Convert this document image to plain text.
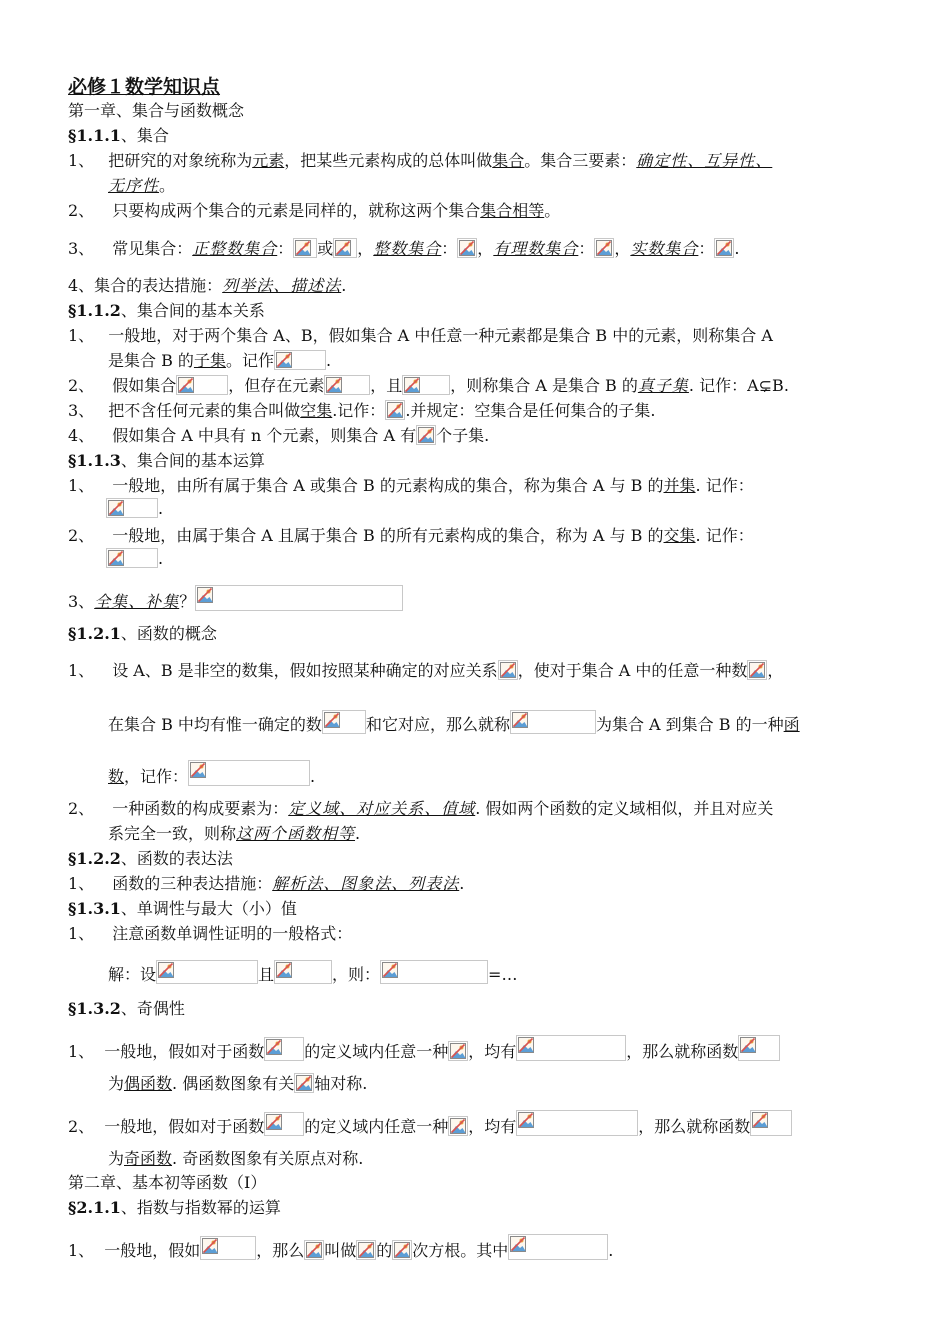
必修１数学知识点
第一章、集合与函数概念
§1.1.1、集合
1、 把研究的对象统称为元素，把某些元素构成的总体叫做集合。集合三要素：确定性、互异性、
无序性。
2、 只要构成两个集合的元素是同样的，就称这两个集合集合相等。
3、 常见集合：正整数集合： 或 ，整数集合： ，有理数集合： ，实数集合： .
4、集合的表达措施：列举法、描述法.
§1.1.2、集合间的基本关系
1、 一般地，对于两个集合 A、B，假如集合 A 中任意一种元素都是集合 B 中的元素，则称集合 A
是集合 B 的子集。记作	.
2、 假如集合	，但存在元素	，且	，则称集合 A 是集合 B 的真子集. 记作：A⊊B.
3、 把不含任何元素的集合叫做空集.记作： .并规定：空集合是任何集合的子集.
4、 假如集合 A 中具有 n 个元素，则集合 A 有 个子集.
§1.1.3、集合间的基本运算
1、 一般地，由所有属于集合 A 或集合 B 的元素构成的集合，称为集合 A 与 B 的并集. 记作：
.
2、 一般地，由属于集合 A 且属于集合 B 的所有元素构成的集合，称为 A 与 B 的交集. 记作：
.
3、全集、补集？
§1.2.1、函数的概念
1、 设 A、B 是非空的数集，假如按照某种确定的对应关系 ，使对于集合 A 中的任意一种数 ，
在集合 B 中均有惟一确定的数	和它对应，那么就称	为集合 A 到集合 B 的一种函
数，记作：	.
2、 一种函数的构成要素为：定义域、对应关系、值域. 假如两个函数的定义域相似，并且对应关
系完全一致，则称这两个函数相等.
§1.2.2、函数的表达法
1、 函数的三种表达措施：解析法、图象法、列表法.
§1.3.1、单调性与最大（小）值
1、 注意函数单调性证明的一般格式：
解：设	且	，则：	=…
§1.3.2、奇偶性
1、 一般地，假如对于函数	的定义域内任意一种 ，均有	，那么就称函数
为偶函数. 偶函数图象有关 轴对称.
2、 一般地，假如对于函数	的定义域内任意一种 ，均有	，那么就称函数
为奇函数. 奇函数图象有关原点对称.
第二章、基本初等函数（Ⅰ）
§2.1.1、指数与指数幂的运算
1、 一般地，假如	，那么 叫做 的 次方根。其中	.
